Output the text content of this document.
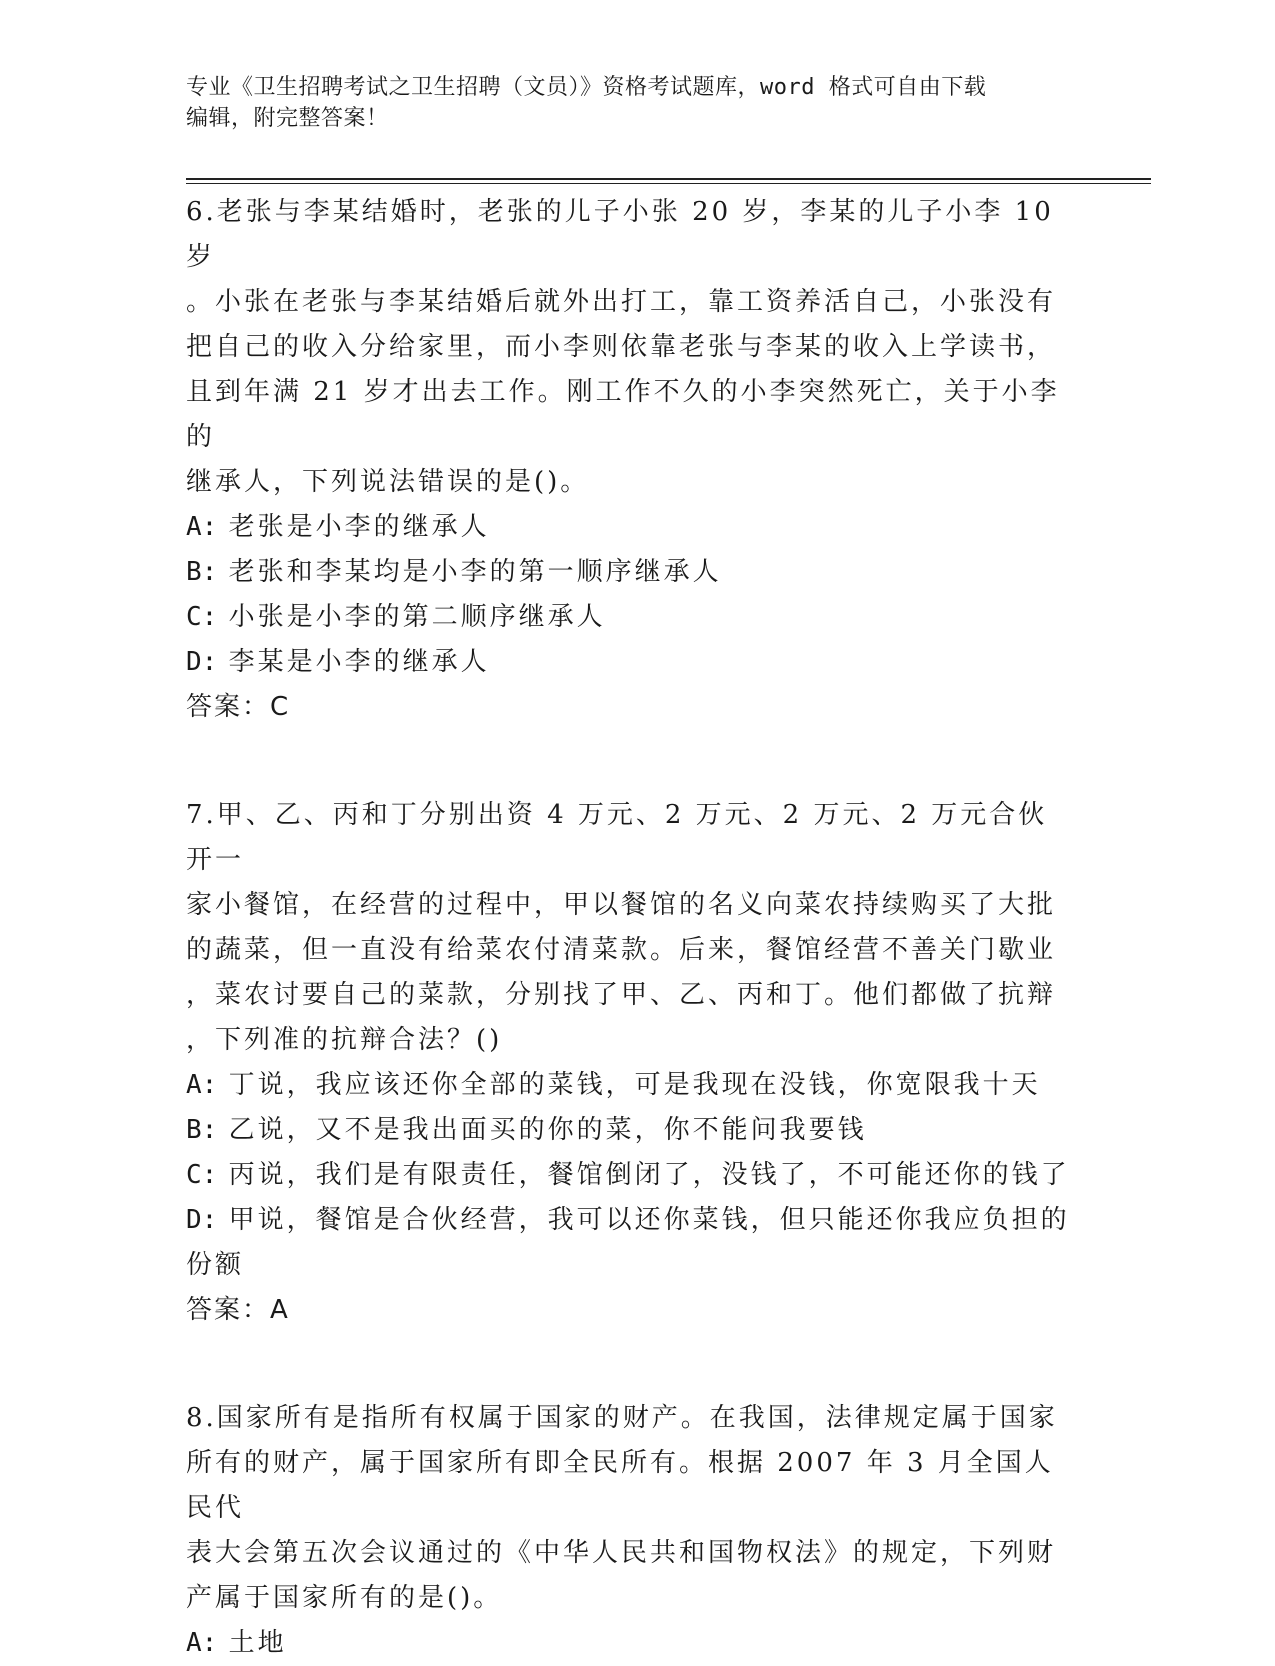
专业《卫生招聘考试之卫生招聘（文员）》资格考试题库，word 格式可自由下载
编辑，附完整答案！

6.老张与李某结婚时，老张的儿子小张 20 岁，李某的儿子小李 10 岁

。小张在老张与李某结婚后就外出打工，靠工资养活自己，小张没有

把自己的收入分给家里，而小李则依靠老张与李某的收入上学读书，

且到年满 21 岁才出去工作。刚工作不久的小李突然死亡，关于小李的

继承人，下列说法错误的是()。

A: 老张是小李的继承人

B: 老张和李某均是小李的第一顺序继承人

C: 小张是小李的第二顺序继承人

D: 李某是小李的继承人

答案：C

7.甲、乙、丙和丁分别出资 4 万元、2 万元、2 万元、2 万元合伙开一

家小餐馆，在经营的过程中，甲以餐馆的名义向菜农持续购买了大批

的蔬菜，但一直没有给菜农付清菜款。后来，餐馆经营不善关门歇业

，菜农讨要自己的菜款，分别找了甲、乙、丙和丁。他们都做了抗辩

，下列准的抗辩合法？()

A: 丁说，我应该还你全部的菜钱，可是我现在没钱，你宽限我十天

B: 乙说，又不是我出面买的你的菜，你不能问我要钱

C: 丙说，我们是有限责任，餐馆倒闭了，没钱了，不可能还你的钱了

D: 甲说，餐馆是合伙经营，我可以还你菜钱，但只能还你我应负担的

份额

答案：A

8.国家所有是指所有权属于国家的财产。在我国，法律规定属于国家

所有的财产，属于国家所有即全民所有。根据 2007 年 3 月全国人民代

表大会第五次会议通过的《中华人民共和国物权法》的规定，下列财

产属于国家所有的是()。

A: 土地
